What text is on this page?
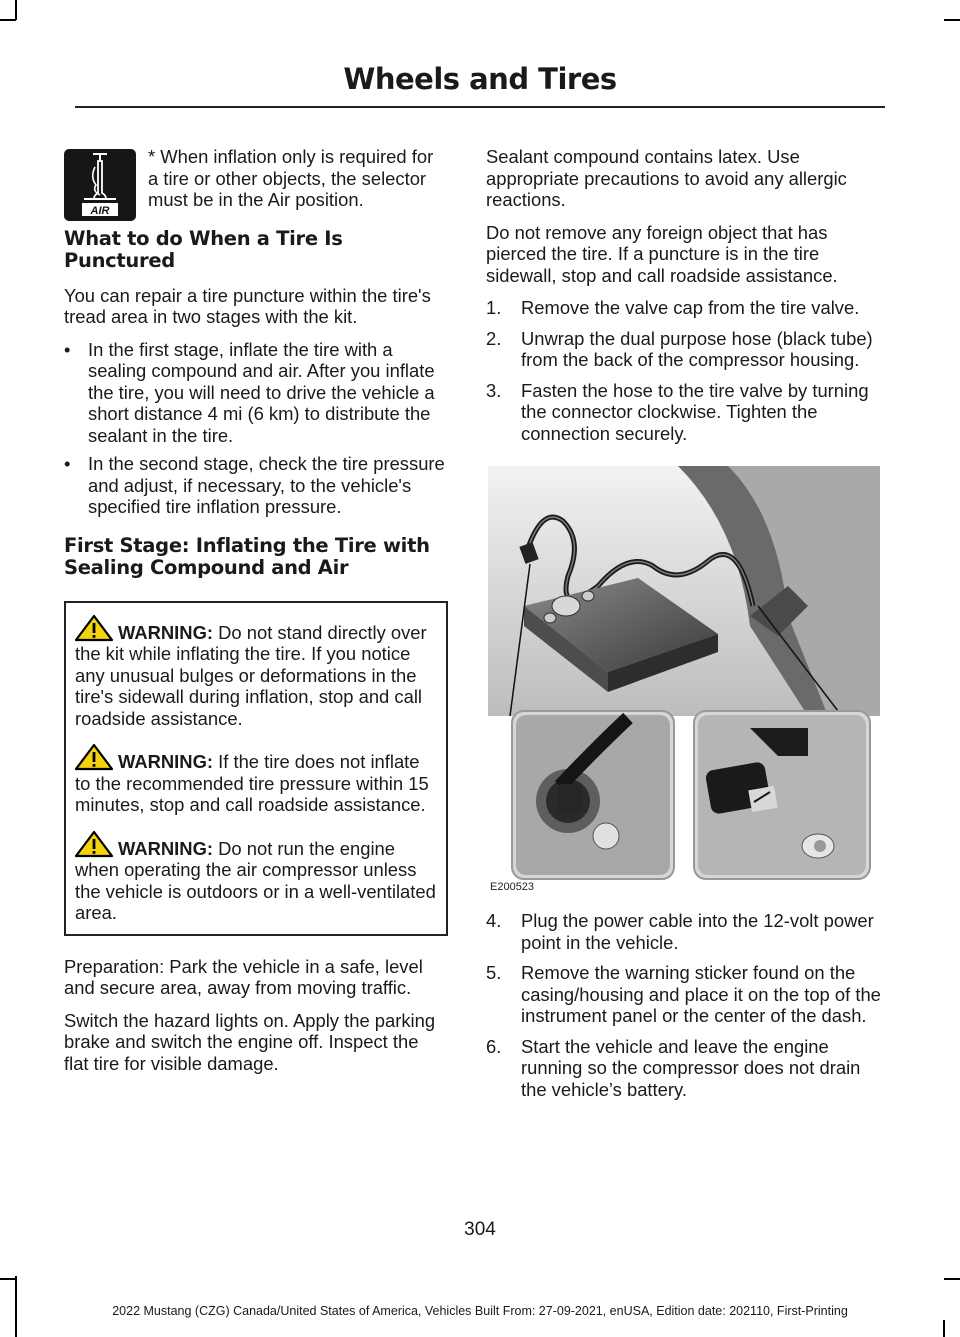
Wheels and Tires
AIR

* When inflation only is required for a tire or other objects, the selector must be in the Air position.

What to do When a Tire Is Punctured

You can repair a tire puncture within the tire's tread area in two stages with the kit.

• In the first stage, inflate the tire with a sealing compound and air. After you inflate the tire, you will need to drive the vehicle a short distance 4 mi (6 km) to distribute the sealant in the tire.
• In the second stage, check the tire pressure and adjust, if necessary, to the vehicle's specified tire inflation pressure.
First Stage: Inflating the Tire with Sealing Compound and Air
WARNING: Do not stand directly over the kit while inflating the tire. If you notice any unusual bulges or deformations in the tire's sidewall during inflation, stop and call roadside assistance.
WARNING: If the tire does not inflate to the recommended tire pressure within 15 minutes, stop and call roadside assistance.
WARNING: Do not run the engine when operating the air compressor unless the vehicle is outdoors or in a well-ventilated area.

Preparation: Park the vehicle in a safe, level and secure area, away from moving traffic.

Switch the hazard lights on. Apply the parking brake and switch the engine off. Inspect the flat tire for visible damage.

Sealant compound contains latex. Use appropriate precautions to avoid any allergic reactions.

Do not remove any foreign object that has pierced the tire. If a puncture is in the tire sidewall, stop and call roadside assistance.

1. Remove the valve cap from the tire valve.
2. Unwrap the dual purpose hose (black tube) from the back of the compressor housing.
3. Fasten the hose to the tire valve by turning the connector clockwise. Tighten the connection securely.
E200523
4. Plug the power cable into the 12-volt power point in the vehicle.
5. Remove the warning sticker found on the casing/housing and place it on the top of the instrument panel or the center of the dash.
6. Start the vehicle and leave the engine running so the compressor does not drain the vehicle’s battery.
304
2022 Mustang (CZG) Canada/United States of America, Vehicles Built From: 27-09-2021, enUSA, Edition date: 202110, First-Printing
